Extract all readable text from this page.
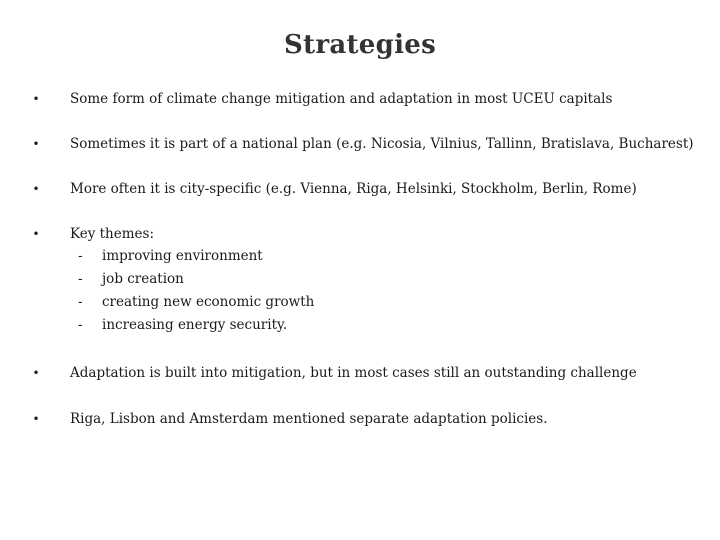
Strategies
• Some form of climate change mitigation and adaptation in most UCEU capitals
• Sometimes it is part of a national plan (e.g. Nicosia, Vilnius, Tallinn, Bratislava, Bucharest)
• More often it is city-specific (e.g. Vienna, Riga, Helsinki, Stockholm, Berlin, Rome)
• Key themes:
- improving environment
- job creation
- creating new economic growth
- increasing energy security.
• Adaptation is built into mitigation, but in most cases still an outstanding challenge
• Riga, Lisbon and Amsterdam mentioned separate adaptation policies.
